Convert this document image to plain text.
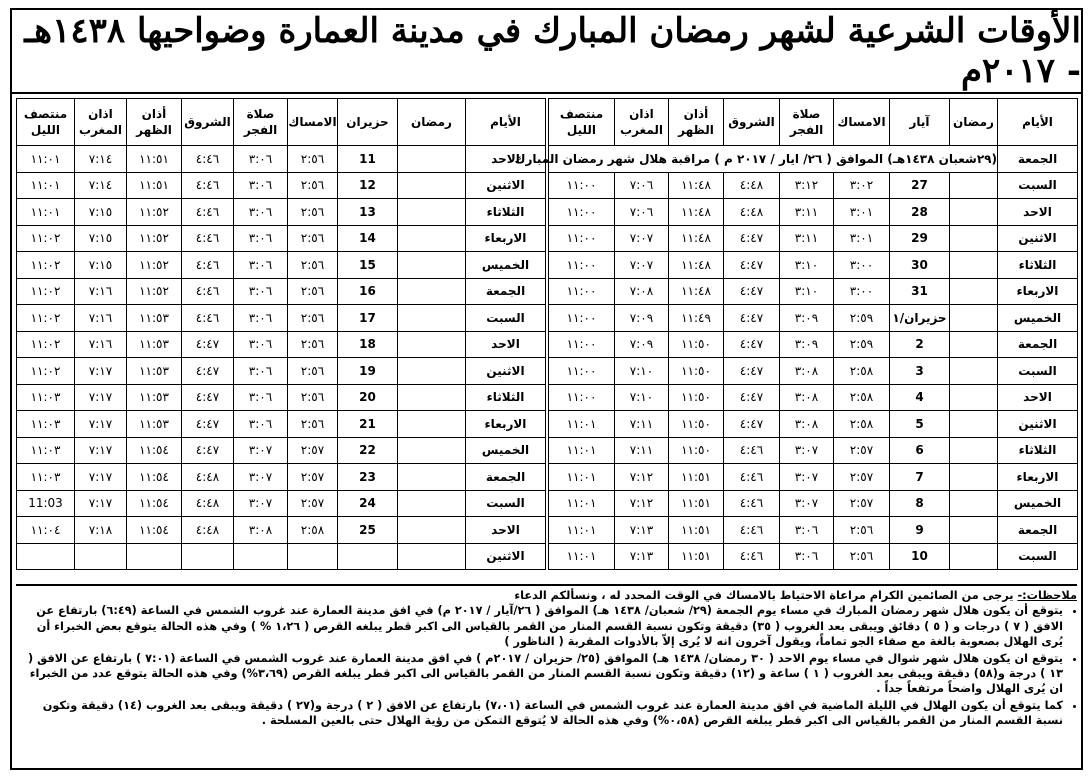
الأوقات الشرعية لشهر رمضان المبارك في مدينة العمارة وضواحيها ١٤٣٨هـ - ٢٠١٧م
الأيام	رمضان	آيار	الامساك	صلاة الفجر	الشروق	أذان الظهر	اذان المغرب	منتصف الليل
الجمعة	(٢٩شعبان ١٤٣٨هـ) الموافق ( ٢٦/ ايار / ٢٠١٧ م ) مراقبة هلال شهر رمضان المبارك							
السبت		27	٣:٠٢	٣:١٢	٤:٤٨	١١:٤٨	٧:٠٦	١١:٠٠
الاحد		28	٣:٠١	٣:١١	٤:٤٨	١١:٤٨	٧:٠٦	١١:٠٠
الاثنين		29	٣:٠١	٣:١١	٤:٤٧	١١:٤٨	٧:٠٧	١١:٠٠
الثلاثاء		30	٣:٠٠	٣:١٠	٤:٤٧	١١:٤٨	٧:٠٧	١١:٠٠
الاربعاء		31	٣:٠٠	٣:١٠	٤:٤٧	١١:٤٨	٧:٠٨	١١:٠٠
الخميس		حزيران/١	٢:٥٩	٣:٠٩	٤:٤٧	١١:٤٩	٧:٠٩	١١:٠٠
الجمعة		2	٢:٥٩	٣:٠٩	٤:٤٧	١١:٥٠	٧:٠٩	١١:٠٠
السبت		3	٢:٥٨	٣:٠٨	٤:٤٧	١١:٥٠	٧:١٠	١١:٠٠
الاحد		4	٢:٥٨	٣:٠٨	٤:٤٧	١١:٥٠	٧:١٠	١١:٠٠
الاثنين		5	٢:٥٨	٣:٠٨	٤:٤٧	١١:٥٠	٧:١١	١١:٠١
الثلاثاء		6	٢:٥٧	٣:٠٧	٤:٤٦	١١:٥٠	٧:١١	١١:٠١
الاربعاء		7	٢:٥٧	٣:٠٧	٤:٤٦	١١:٥١	٧:١٢	١١:٠١
الخميس		8	٢:٥٧	٣:٠٧	٤:٤٦	١١:٥١	٧:١٢	١١:٠١
الجمعة		9	٢:٥٦	٣:٠٦	٤:٤٦	١١:٥١	٧:١٣	١١:٠١
السبت		10	٢:٥٦	٣:٠٦	٤:٤٦	١١:٥١	٧:١٣	١١:٠١
الأيام	رمضان	حزيران	الامساك	صلاة الفجر	الشروق	أذان الظهر	اذان المغرب	منتصف الليل
الاحد		11	٢:٥٦	٣:٠٦	٤:٤٦	١١:٥١	٧:١٤	١١:٠١
الاثنين		12	٢:٥٦	٣:٠٦	٤:٤٦	١١:٥١	٧:١٤	١١:٠١
الثلاثاء		13	٢:٥٦	٣:٠٦	٤:٤٦	١١:٥٢	٧:١٥	١١:٠١
الاربعاء		14	٢:٥٦	٣:٠٦	٤:٤٦	١١:٥٢	٧:١٥	١١:٠٢
الخميس		15	٢:٥٦	٣:٠٦	٤:٤٦	١١:٥٢	٧:١٥	١١:٠٢
الجمعة		16	٢:٥٦	٣:٠٦	٤:٤٦	١١:٥٢	٧:١٦	١١:٠٢
السبت		17	٢:٥٦	٣:٠٦	٤:٤٦	١١:٥٣	٧:١٦	١١:٠٢
الاحد		18	٢:٥٦	٣:٠٦	٤:٤٧	١١:٥٣	٧:١٦	١١:٠٢
الاثنين		19	٢:٥٦	٣:٠٦	٤:٤٧	١١:٥٣	٧:١٧	١١:٠٢
الثلاثاء		20	٢:٥٦	٣:٠٦	٤:٤٧	١١:٥٣	٧:١٧	١١:٠٣
الاربعاء		21	٢:٥٦	٣:٠٦	٤:٤٧	١١:٥٣	٧:١٧	١١:٠٣
الخميس		22	٢:٥٧	٣:٠٧	٤:٤٧	١١:٥٤	٧:١٧	١١:٠٣
الجمعة		23	٢:٥٧	٣:٠٧	٤:٤٨	١١:٥٤	٧:١٧	١١:٠٣
السبت		24	٢:٥٧	٣:٠٧	٤:٤٨	١١:٥٤	٧:١٧	11:03
الاحد		25	٢:٥٨	٣:٠٨	٤:٤٨	١١:٥٤	٧:١٨	١١:٠٤
الاثنين								

ملاحظات:- يرجى من الصائمين الكرام مراعاة الاحتياط بالامساك في الوقت المحدد له ، ونسألكم الدعاء

• يتوقع أن يكون هلال شهر رمضان المبارك في مساء يوم الجمعة (٢٩/ شعبان/ ١٤٣٨ هـ) الموافق ( ٢٦/آيار / ٢٠١٧ م) في افق مدينة العمارة عند غروب الشمس في الساعة (٦:٤٩) بارتفاع عن الافق ( ٧ ) درجات و ( ٥ ) دقائق ويبقى بعد الغروب ( ٣٥) دقيقة وتكون نسبة القسم المنار من القمر بالقياس الى اكبر قطر يبلغه القرص ( ١،٢٦ % ) وفي هذه الحالة يتوقع بعض الخبراء أن يُرى الهلال بصعوبة بالغة مع صفاء الجو تماماً، ويقول آخرون انه لا يُرى إلاّ بالأدوات المقربة ( الناظور )
• يتوقع ان يكون هلال شهر شوال في مساء يوم الاحد ( ٣٠ رمضان/ ١٤٣٨ هـ) الموافق (٢٥/ حزيران / ٢٠١٧م ) في افق مدينة العمارة عند غروب الشمس في الساعة (٧:٠١ ) بارتفاع عن الافق ( ١٣ ) درجة و(٥٨) دقيقة ويبقى بعد الغروب ( ١ ) ساعة و (١٢) دقيقة وتكون نسبة القسم المنار من القمر بالقياس الى اكبر قطر يبلغه القرص (٣،٦٩%) وفي هذه الحالة يتوقع عدد من الخبراء ان يُرى الهلال واضحاً مرتفعاً جداً .
• كما يتوقع أن يكون الهلال في الليلة الماضية في افق مدينة العمارة عند غروب الشمس في الساعة (٧،٠١) بارتفاع عن الافق ( ٢ ) درجة و(٢٧ ) دقيقة ويبقى بعد الغروب (١٤) دقيقة وتكون نسبة القسم المنار من القمر بالقياس الى اكبر قطر يبلغه القرص (٠،٥٨%) وفي هذه الحالة لا يُتوقع التمكن من رؤية الهلال حتى بالعين المسلحة .
